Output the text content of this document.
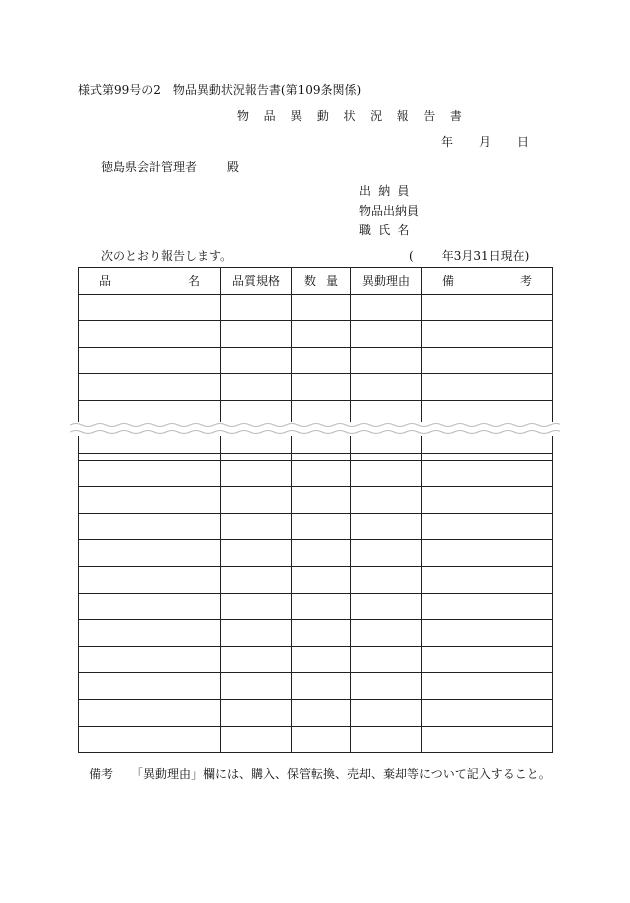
様式第99号の2　物品異動状況報告書(第109条関係)
物 品 異 動 状 況 報 告 書
年 月 日
徳島県会計管理者	殿
出納員
物品出納員
職氏名
次のとおり報告します。	( 年3月31日現在)
品 名	品質規格	数 量	異動理由	備 考

備考 「異動理由」欄には、購入、保管転換、売却、棄却等について記入すること。
